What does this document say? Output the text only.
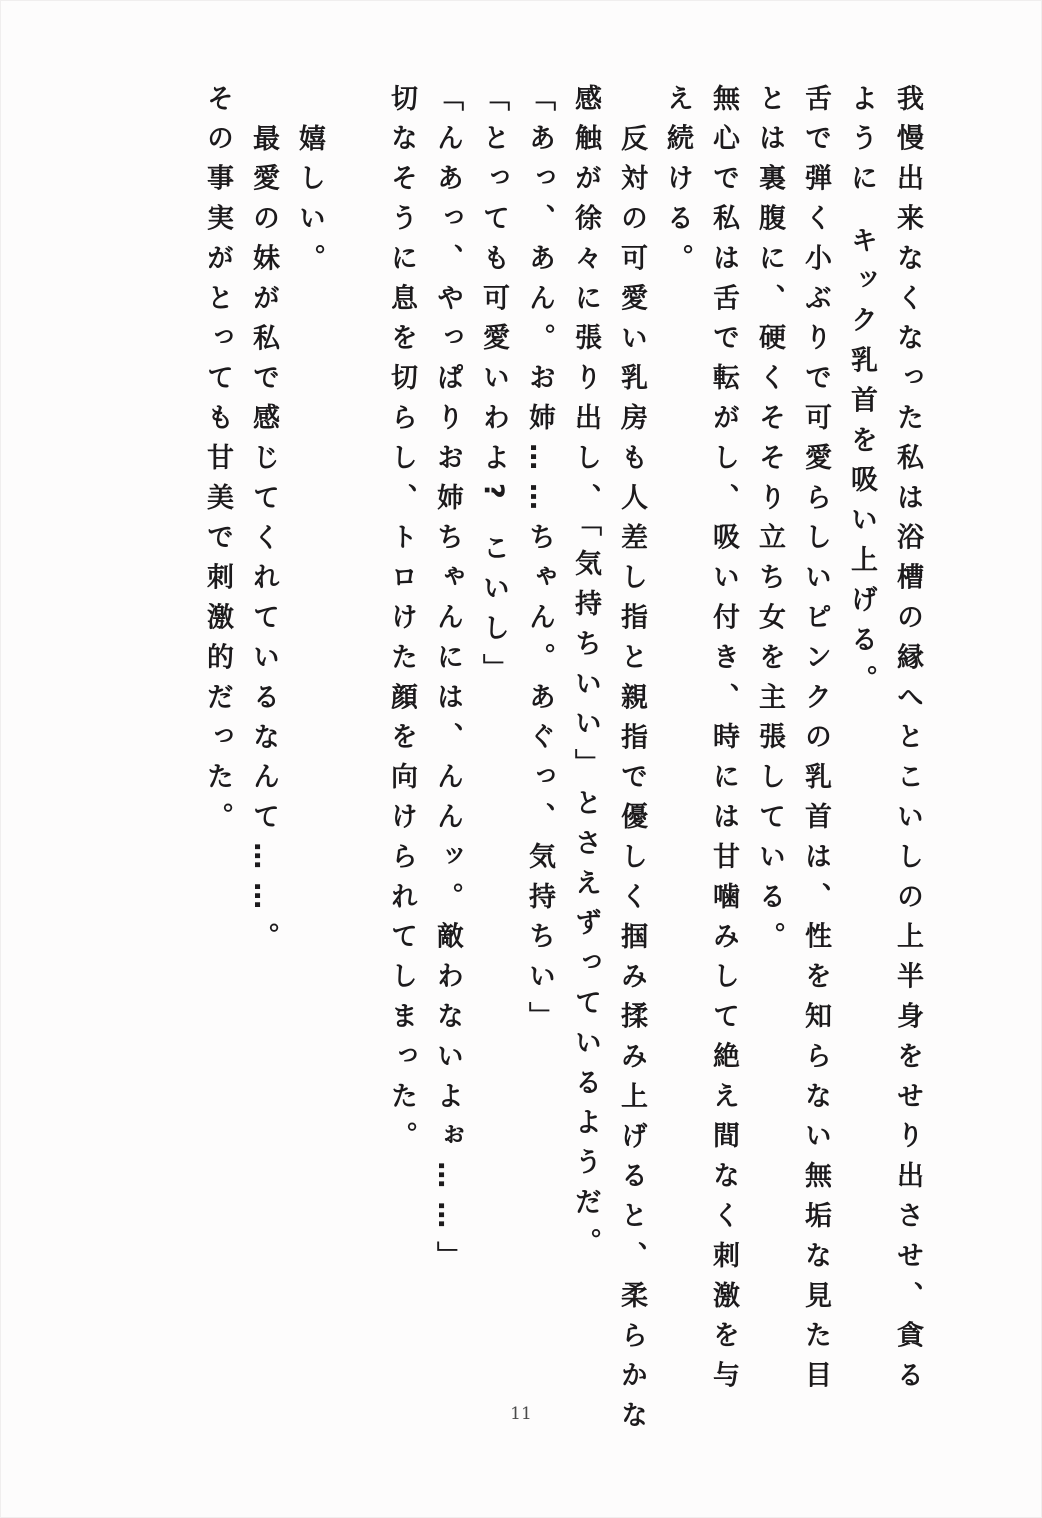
我慢出来なくなった私は浴槽の縁へとこいしの上半身をせり出させ、貪る
ように キック乳首を吸い上げる。
舌で弾く小ぶりで可愛らしいピンクの乳首は、性を知らない無垢な見た目
とは裏腹に、硬くそそり立ち女を主張している。
無心で私は舌で転がし、吸い付き、時には甘噛みして絶え間なく刺激を与
え続ける。
反対の可愛い乳房も人差し指と親指で優しく掴み揉み上げると、柔らかな
感触が徐々に張り出し、「気持ちいい」とさえずっているようだ。
「あっ、あん。お姉……ちゃん。あぐっ、気持ちい」
「とっても可愛いわよ? こいし」
「んあっ、やっぱりお姉ちゃんには、んんッ。敵わないよぉ……」
切なそうに息を切らし、トロけた顔を向けられてしまった。
嬉しい。
最愛の妹が私で感じてくれているなんて……。
その事実がとっても甘美で刺激的だった。
11
